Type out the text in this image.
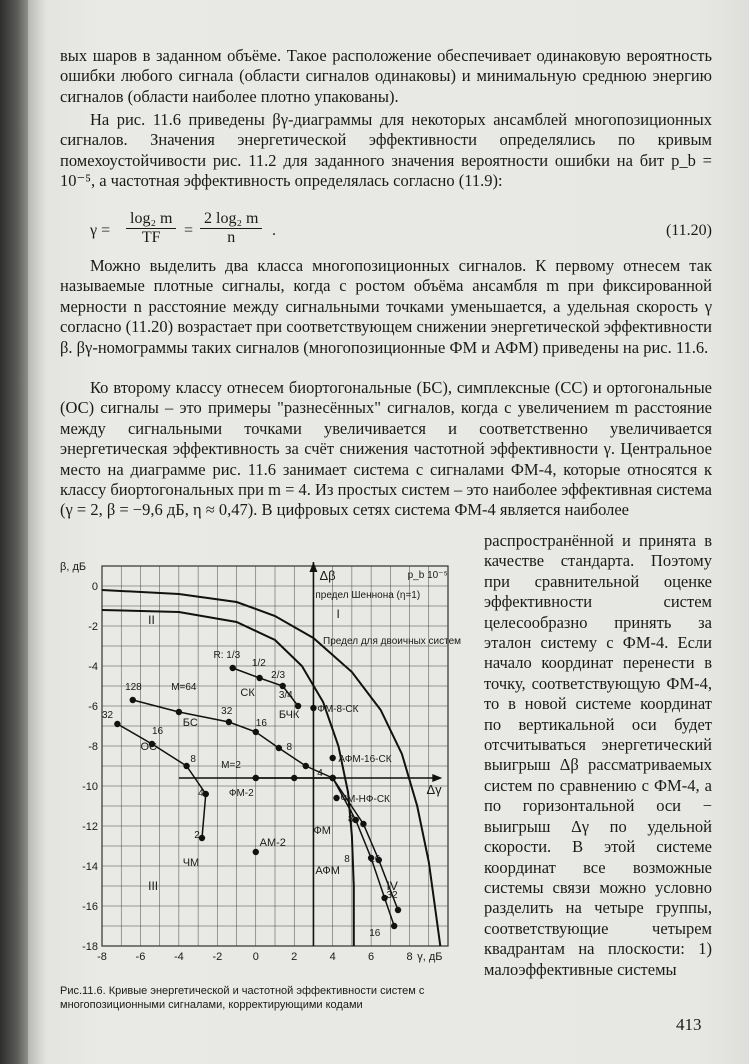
вых шаров в заданном объёме. Такое расположение обеспечивает одинаковую вероятность ошибки любого сигнала (области сигналов одинаковы) и минимальную среднюю энергию сигналов (области наиболее плотно упакованы).

На рис. 11.6 приведены βγ-диаграммы для некоторых ансамблей многопозиционных сигналов. Значения энергетической эффективности определялись по кривым помехоустойчивости рис. 11.2 для заданного значения вероятности ошибки на бит p_b = 10⁻⁵, а частотная эффективность определялась согласно (11.9):

$\gamma = \frac{\text{log₂ m}}{TF} = \frac{\text{2 log₂ m}}{n}$ .	(11.20)

Можно выделить два класса многопозиционных сигналов. К первому отнесем так называемые плотные сигналы, когда с ростом объёма ансамбля m при фиксированной мерности n расстояние между сигнальными точками уменьшается, а удельная скорость γ согласно (11.20) возрастает при соответствующем снижении энергетической эффективности β. βγ-номограммы таких сигналов (многопозиционные ФМ и АФМ) приведены на рис. 11.6.

Ко второму классу отнесем биортогональные (БС), симплексные (СС) и ортогональные (ОС) сигналы – это примеры "разнесённых" сигналов, когда с увеличением m расстояние между сигнальными точками увеличивается и соответственно увеличивается энергетическая эффективность за счёт снижения частотной эффективности γ. Центральное место на диаграмме рис. 11.6 занимает система с сигналами ФМ-4, которые относятся к классу биортогональных при m = 4. Из простых систем – это наиболее эффективная система (γ = 2, β = −9,6 дБ, η ≈ 0,47). В цифровых сетях система ФМ-4 является наиболее

распространённой и принята в качестве стандарта. Поэтому при сравнительной оценке эффективности систем целесообразно принять за эталон систему с ФМ-4. Если начало координат перенести в точку, соответствующую ФМ-4, то в новой системе координат по вертикальной оси будет отсчитываться энергетический выигрыш Δβ рассматриваемых систем по сравнению с ФМ-4, а по горизонтальной оси − выигрыш Δγ по удельной скорости. В этой системе координат все возможные системы связи можно условно разделить на четыре группы, соответствующие четырем квадрантам на плоскости: 1) малоэффективные системы

-8	-6	-4	-2	0	2	4	6	8
0
-2
-4
-6
-8
-10
-12
-14
-16
-18
β, дБ
γ, дБ
Δβ
Δγ
p_b 10⁻⁵
предел Шеннона (η=1)
Предел для двоичных систем
R: 1/3
1/2
2/3
3/4
СК
БЧК ФМ-8-СК
АФМ-16-СК
ЧМ-НФ-СК
ФМ-2
ФМ
АФМ
АМ-2
ЧМ
БС
ОС
M=64
M=2
128
32
16
8
4
2
32
16
8
4
8
16
32
16
8
II
III	IV
I
Рис.11.6. Кривые энергетической и частотной эффективности систем с многопозиционными сигналами, корректирующими кодами
413
